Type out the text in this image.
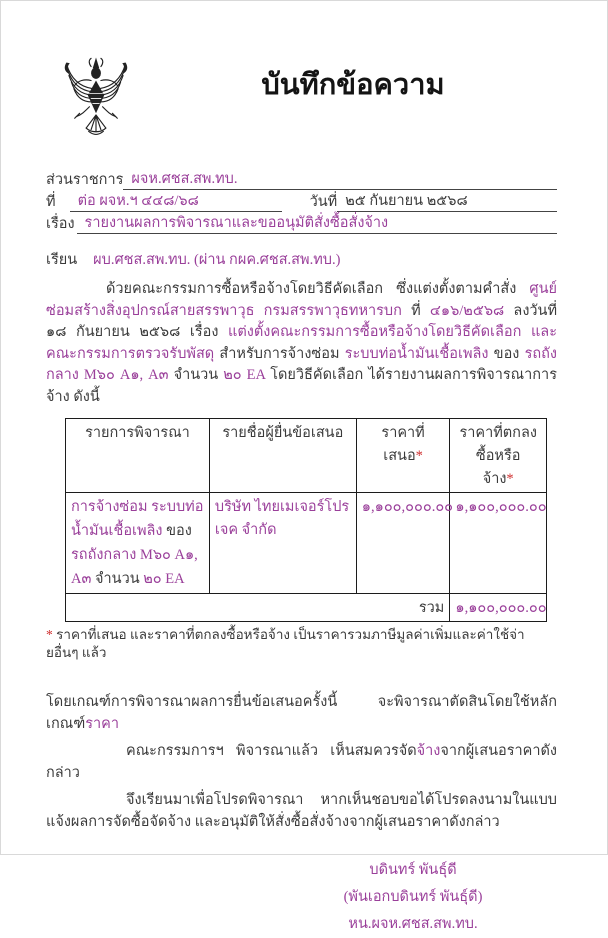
บันทึกข้อความ
ส่วนราชการ ผจห.ศชส.สพ.ทบ.
ที่	ต่อ ผจห.ฯ ๔๔๘/๖๘	วันที่ ๒๕ กันยายน ๒๕๖๘
เรื่อง รายงานผลการพิจารณาและขออนุมัติสั่งซื้อสั่งจ้าง
เรียน ผบ.ศชส.สพ.ทบ. (ผ่าน กผค.ศชส.สพ.ทบ.)
ด้วยคณะกรรมการซื้อหรือจ้างโดยวิธีคัดเลือก ซึ่งแต่งตั้งตามคำสั่ง ศูนย์ซ่อมสร้างสิ่งอุปกรณ์สายสรรพาวุธ กรมสรรพาวุธทหารบก ที่ ๔๑๖/๒๕๖๘ ลงวันที่ ๑๘ กันยายน ๒๕๖๘ เรื่อง แต่งตั้งคณะกรรมการซื้อหรือจ้างโดยวิธีคัดเลือก และคณะกรรมการตรวจรับพัสดุ สำหรับการจ้างซ่อม ระบบท่อน้ำมันเชื้อเพลิง ของ รถถังกลาง M๖๐ A๑, A๓ จำนวน ๒๐ EA โดยวิธีคัดเลือก ได้รายงานผลการพิจารณาการจ้าง ดังนี้
รายการพิจารณา	รายชื่อผู้ยื่นข้อเสนอ	ราคาที่เสนอ*	ราคาที่ตกลงซื้อหรือ
จ้าง*
การจ้างซ่อม ระบบท่อน้ำมันเชื้อเพลิง ของ รถถังกลาง M๖๐ A๑, A๓ จำนวน ๒๐ EA	บริษัท ไทยเมเจอร์โปรเจค จำกัด	๑,๑๐๐,๐๐๐.๐๐	๑,๑๐๐,๐๐๐.๐๐
รวม			๑,๑๐๐,๐๐๐.๐๐
* ราคาที่เสนอ และราคาที่ตกลงซื้อหรือจ้าง เป็นราคารวมภาษีมูลค่าเพิ่มและค่าใช้จ่ายอื่นๆ แล้ว
โดยเกณฑ์การพิจารณาผลการยื่นข้อเสนอครั้งนี้ จะพิจารณาตัดสินโดยใช้หลักเกณฑ์ราคา
คณะกรรมการฯ พิจารณาแล้ว เห็นสมควรจัดจ้างจากผู้เสนอราคาดังกล่าว
จึงเรียนมาเพื่อโปรดพิจารณา หากเห็นชอบขอได้โปรดลงนามในแบบแจ้งผลการจัดซื้อจัดจ้าง และอนุมัติให้สั่งซื้อสั่งจ้างจากผู้เสนอราคาดังกล่าว
บดินทร์ พันธุ์ดี
(พันเอกบดินทร์ พันธุ์ดี)
หน.ผจห.ศชส.สพ.ทบ.
